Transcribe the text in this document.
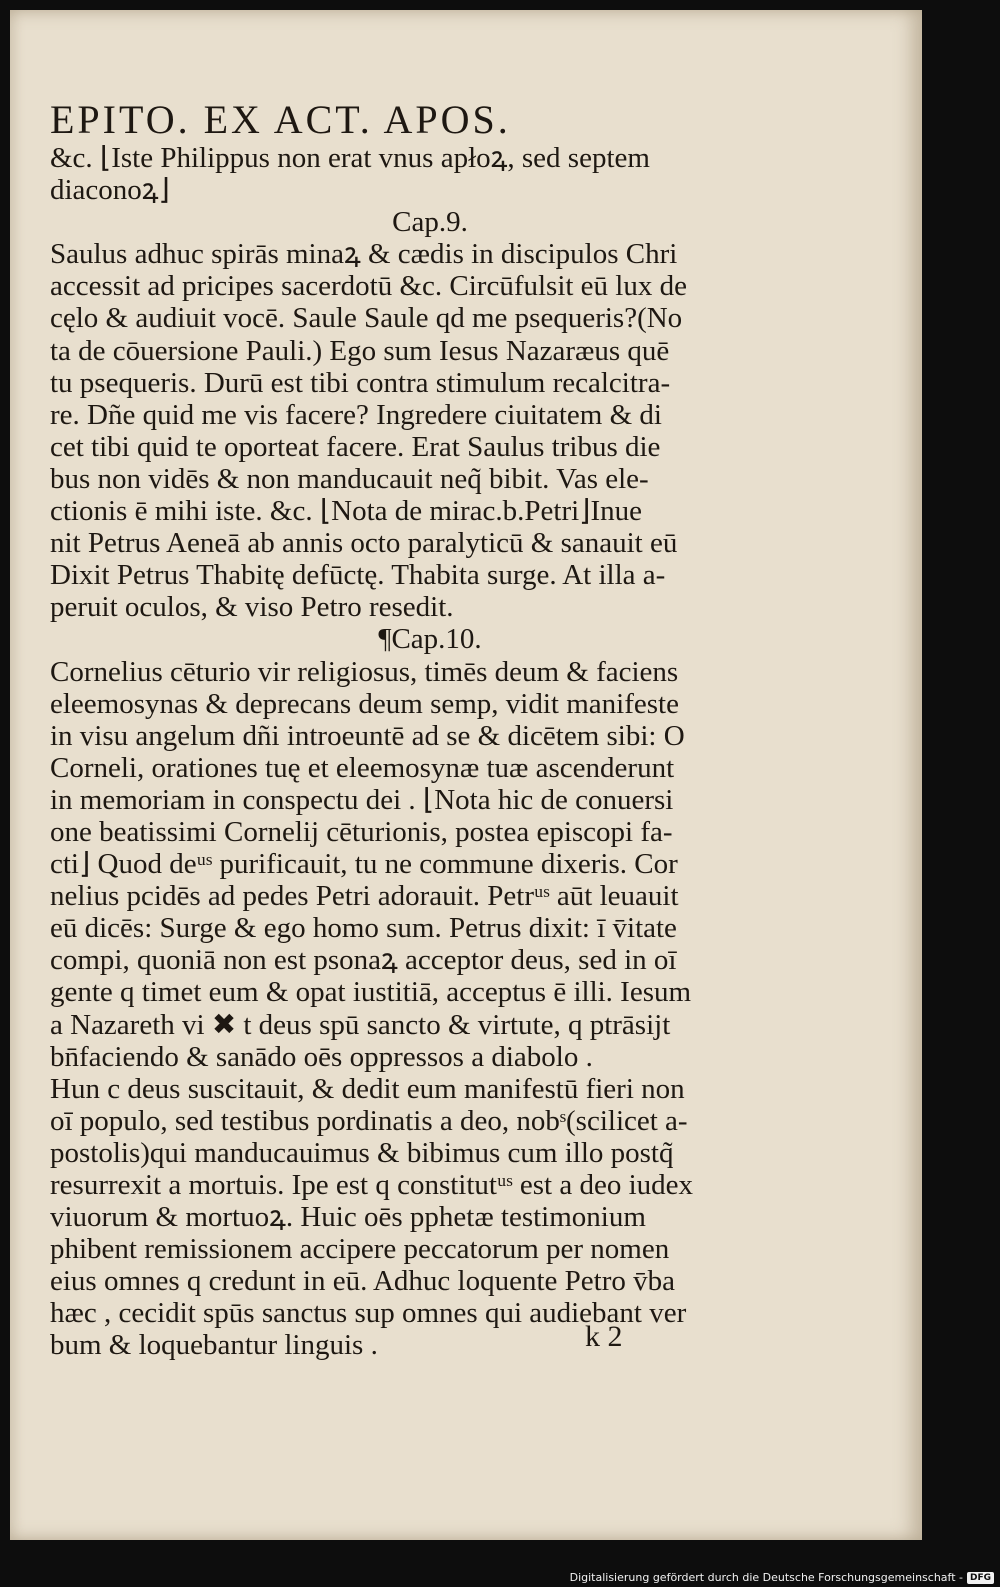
EPITO. EX ACT. APOS.
&c. ⌊Iste Philippus non erat vnus apłoꝝ, sed septem
diaconoꝝ⌋
Cap.9.
Saulus adhuc spirās minaꝝ & cædis in discipulos Chri
accessit ad pricipes sacerdotū &c. Circūfulsit eū lux de
cęlo & audiuit vocē. Saule Saule qd me psequeris?(No
ta de cōuersione Pauli.) Ego sum Iesus Nazaræus quē
tu psequeris. Durū est tibi contra stimulum recalcitra-
re. Dñe quid me vis facere? Ingredere ciuitatem & di
cet tibi quid te oporteat facere. Erat Saulus tribus die
bus non vidēs & non manducauit neq̃ bibit. Vas ele-
ctionis ē mihi iste. &c. ⌊Nota de mirac.b.Petri⌋Inue
nit Petrus Aeneā ab annis octo paralyticū & sanauit eū
Dixit Petrus Thabitę defūctę. Thabita surge. At illa a-
peruit oculos, & viso Petro resedit.
¶Cap.10.
Cornelius cēturio vir religiosus, timēs deum & faciens
eleemosynas & deprecans deum semp, vidit manifeste
in visu angelum dñi introeuntē ad se & dicētem sibi: O
Corneli, orationes tuę et eleemosynæ tuæ ascenderunt
in memoriam in conspectu dei . ⌊Nota hic de conuersi
one beatissimi Cornelij cēturionis, postea episcopi fa-
cti⌋ Quod deᵘˢ purificauit, tu ne commune dixeris. Cor
nelius pcidēs ad pedes Petri adorauit. Petrᵘˢ aūt leuauit
eū dicēs: Surge & ego homo sum. Petrus dixit: ī v̄itate
compi, quoniā non est psonaꝝ acceptor deus, sed in oī
gente q timet eum & opat iustitiā, acceptus ē illi. Iesum
a Nazareth vi ✖ t deus spū sancto & virtute, q ptrāsijt
bn̄faciendo & sanādo oēs oppressos a diabolo .
Hun c deus suscitauit, & dedit eum manifestū fieri non
oī populo, sed testibus pordinatis a deo, nobˢ(scilicet a-
postolis)qui manducauimus & bibimus cum illo postq̃
resurrexit a mortuis. Ipe est q constitutᵘˢ est a deo iudex
viuorum & mortuoꝝ. Huic oēs pphetæ testimonium
phibent remissionem accipere peccatorum per nomen
eius omnes q credunt in eū. Adhuc loquente Petro v̄ba
hæc , cecidit spūs sanctus sup omnes qui audiebant ver
bum & loquebantur linguis .	k 2
Digitalisierung gefördert durch die Deutsche Forschungsgemeinschaft - DFG
